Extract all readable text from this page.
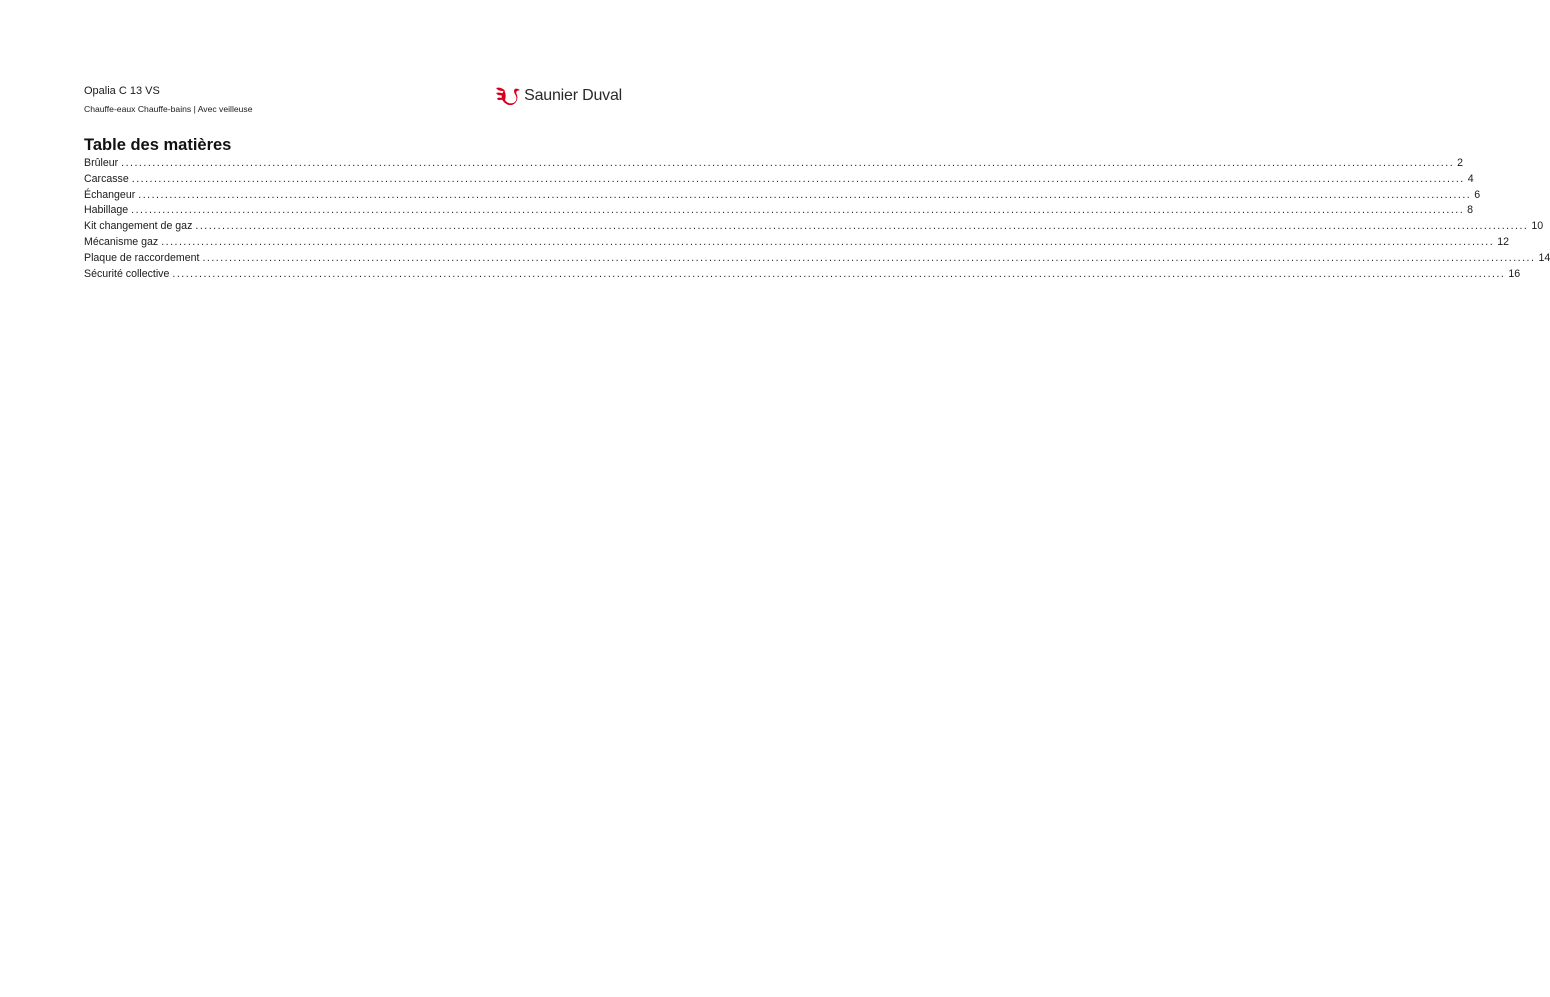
Opalia C 13 VS
Chauffe-eaux Chauffe-bains | Avec veilleuse
Saunier Duval
Table des matières
Brûleur ............................................................................................................................................................................................................................................................................................................ 2
Carcasse ............................................................................................................................................................................................................................................................................................................ 4
Échangeur ............................................................................................................................................................................................................................................................................................................ 6
Habillage ............................................................................................................................................................................................................................................................................................................ 8
Kit changement de gaz ............................................................................................................................................................................................................................................................................................................ 10
Mécanisme gaz ............................................................................................................................................................................................................................................................................................................ 12
Plaque de raccordement ............................................................................................................................................................................................................................................................................................................ 14
Sécurité collective ............................................................................................................................................................................................................................................................................................................ 16
